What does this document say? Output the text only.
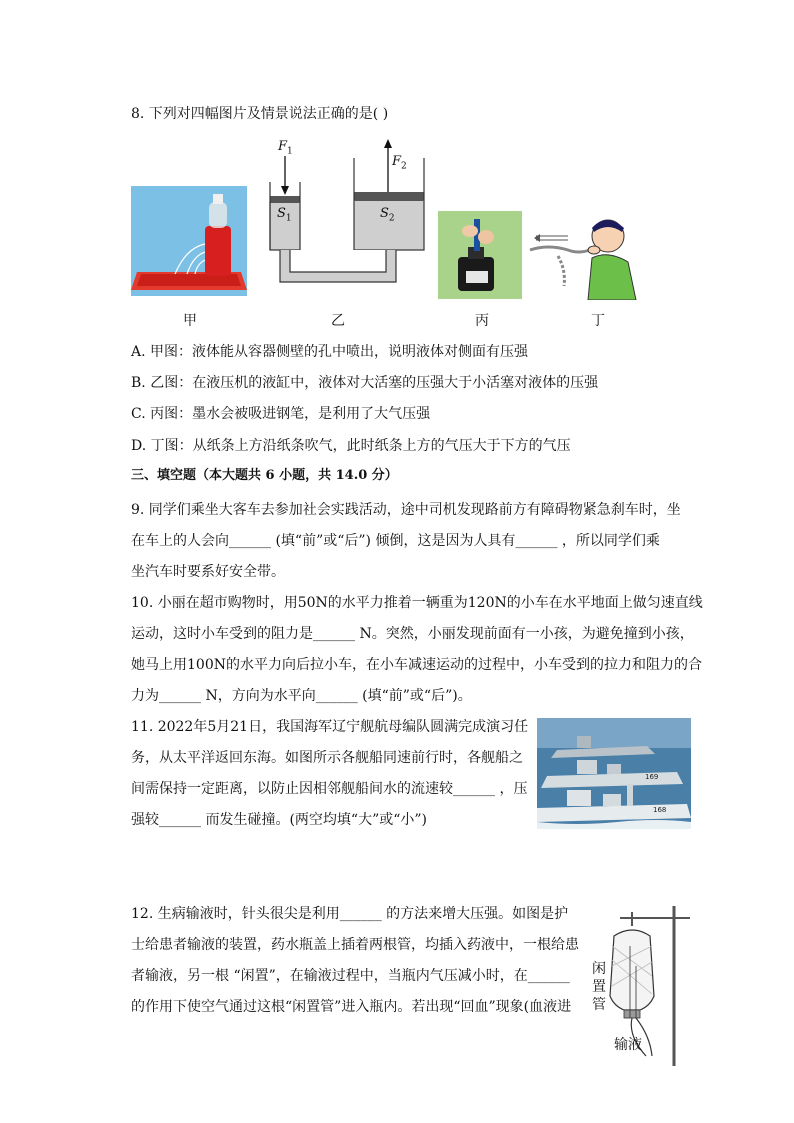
8. 下列对四幅图片及情景说法正确的是( )
$F_1$
$F_2$
$S_1$	$S_2$
甲	乙	丙	丁
A. 甲图：液体能从容器侧壁的孔中喷出，说明液体对侧面有压强
B. 乙图：在液压机的液缸中，液体对大活塞的压强大于小活塞对液体的压强
C. 丙图：墨水会被吸进钢笔，是利用了大气压强
D. 丁图：从纸条上方沿纸条吹气，此时纸条上方的气压大于下方的气压
三、填空题（本大题共 6 小题，共 14.0 分）
9. 同学们乘坐大客车去参加社会实践活动，途中司机发现路前方有障碍物紧急刹车时，坐
在车上的人会向______ (填“前”或“后”) 倾倒，这是因为人具有______ ，所以同学们乘
坐汽车时要系好安全带。
10. 小丽在超市购物时，用50N的水平力推着一辆重为120N的小车在水平地面上做匀速直线
运动，这时小车受到的阻力是______ N。突然，小丽发现前面有一小孩，为避免撞到小孩，
她马上用100N的水平力向后拉小车，在小车减速运动的过程中，小车受到的拉力和阻力的合
力为______ N，方向为水平向______ (填“前”或“后”)。
11. 2022年5月21日，我国海军辽宁舰航母编队圆满完成演习任
务，从太平洋返回东海。如图所示各舰船同速前行时，各舰船之
间需保持一定距离，以防止因相邻舰船间水的流速较______ ，压
强较______ 而发生碰撞。(两空均填“大”或“小”)
169
168
12. 生病输液时，针头很尖是利用______ 的方法来增大压强。如图是护
士给患者输液的装置，药水瓶盖上插着两根管，均插入药液中，一根给患
者输液，另一根 “闲置”，在输液过程中，当瓶内气压减小时，在______
的作用下使空气通过这根“闲置管”进入瓶内。若出现“回血”现象(血液进
闲
置
管
输液
